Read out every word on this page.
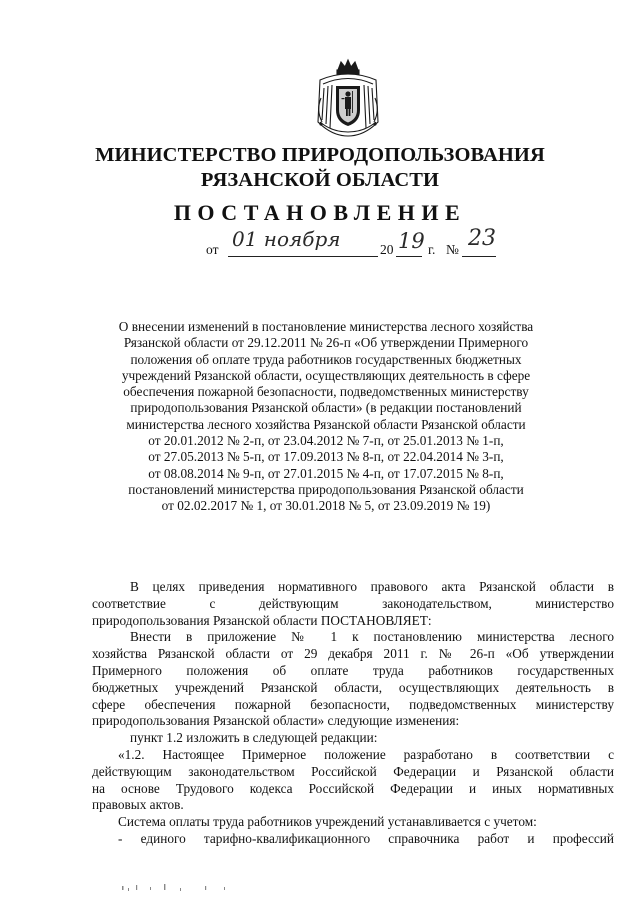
МИНИСТЕРСТВО ПРИРОДОПОЛЬЗОВАНИЯ
РЯЗАНСКОЙ ОБЛАСТИ
ПОСТАНОВЛЕНИЕ
от 01 ноября	20 19 г. № 23
О внесении изменений в постановление министерства лесного хозяйства
Рязанской области от 29.12.2011 № 26-п «Об утверждении Примерного
положения об оплате труда работников государственных бюджетных
учреждений Рязанской области, осуществляющих деятельность в сфере
обеспечения пожарной безопасности, подведомственных министерству
природопользования Рязанской области» (в редакции постановлений
министерства лесного хозяйства Рязанской области Рязанской области
от 20.01.2012 № 2-п, от 23.04.2012 № 7-п, от 25.01.2013 № 1-п,
от 27.05.2013 № 5-п, от 17.09.2013 № 8-п, от 22.04.2014 № 3-п,
от 08.08.2014 № 9-п, от 27.01.2015 № 4-п, от 17.07.2015 № 8-п,
постановлений министерства природопользования Рязанской области
от 02.02.2017 № 1, от 30.01.2018 № 5, от 23.09.2019 № 19)
В целях приведения нормативного правового акта Рязанской области в
соответствие с действующим законодательством, министерство
природопользования Рязанской области ПОСТАНОВЛЯЕТ:
Внести в приложение № 1 к постановлению министерства лесного
хозяйства Рязанской области от 29 декабря 2011 г. № 26-п «Об утверждении
Примерного положения об оплате труда работников государственных
бюджетных учреждений Рязанской области, осуществляющих деятельность в
сфере обеспечения пожарной безопасности, подведомственных министерству
природопользования Рязанской области» следующие изменения:
пункт 1.2 изложить в следующей редакции:
«1.2. Настоящее Примерное положение разработано в соответствии с
действующим законодательством Российской Федерации и Рязанской области
на основе Трудового кодекса Российской Федерации и иных нормативных
правовых актов.
Система оплаты труда работников учреждений устанавливается с учетом:
- единого тарифно-квалификационного справочника работ и профессий
